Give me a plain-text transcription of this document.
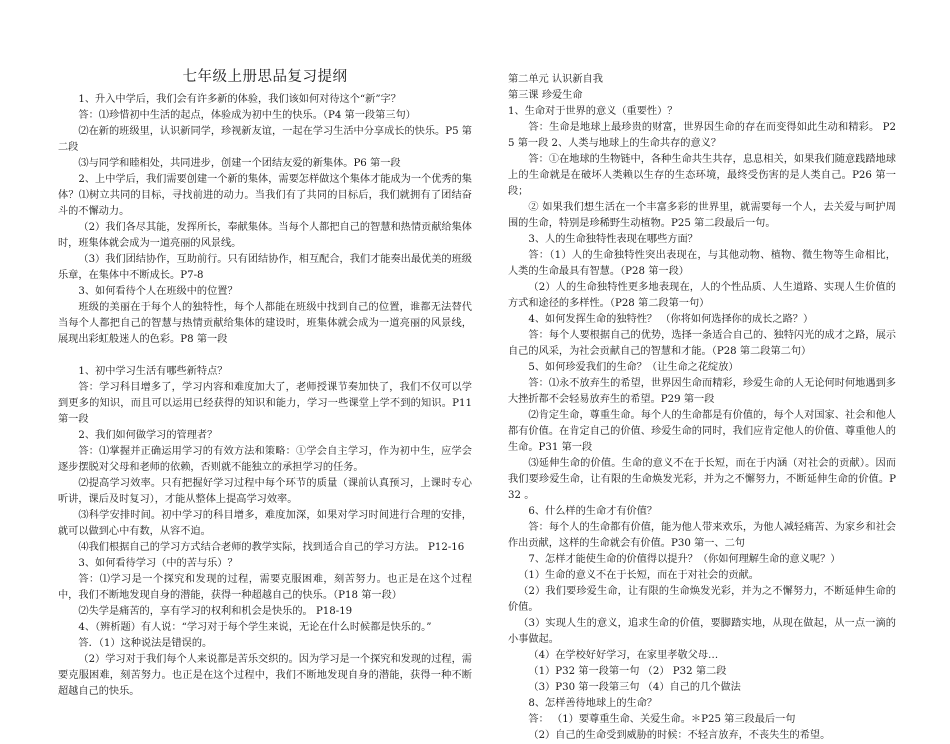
七年级上册思品复习提纲

1、升入中学后，我们会有许多新的体验，我们该如何对待这个“新”字？

答：⑴珍惜初中生活的起点，体验成为初中生的快乐。（P4 第一段第三句）

⑵在新的班级里，认识新同学，珍视新友谊，一起在学习生活中分享成长的快乐。P5 第二段

⑶与同学和睦相处，共同进步，创建一个团结友爱的新集体。P6 第一段

2、上中学后，我们需要创建一个新的集体，需要怎样做这个集体才能成为一个优秀的集体？⑴树立共同的目标，寻找前进的动力。当我们有了共同的目标后，我们就拥有了团结奋斗的不懈动力。

（2）我们各尽其能，发挥所长，奉献集体。当每个人都把自己的智慧和热情贡献给集体时，班集体就会成为一道亮丽的风景线。

（3）我们团结协作，互助前行。只有团结协作，相互配合，我们才能奏出最优美的班级乐章，在集体中不断成长。P7-8

3、如何看待个人在班级中的位置？

班级的美丽在于每个人的独特性，每个人都能在班级中找到自己的位置，谁都无法替代当每个人都把自己的智慧与热情贡献给集体的建设时，班集体就会成为一道亮丽的风景线，展现出彩虹般迷人的色彩。P8 第一段

1、初中学习生活有哪些新特点？

答：学习科目增多了，学习内容和难度加大了，老师授课节奏加快了，我们不仅可以学到更多的知识，而且可以运用已经获得的知识和能力，学习一些课堂上学不到的知识。P11 第一段

2、我们如何做学习的管理者？

答：⑴掌握并正确运用学习的有效方法和策略：①学会自主学习，作为初中生，应学会逐步摆脱对父母和老师的依赖，否则就不能独立的承担学习的任务。

⑵提高学习效率。只有把握好学习过程中每个环节的质量（课前认真预习，上课时专心听讲，课后及时复习），才能从整体上提高学习效率。

⑶科学安排时间。初中学习的科目增多，难度加深，如果对学习时间进行合理的安排，就可以做到心中有数，从容不迫。

⑷我们根据自己的学习方式结合老师的教学实际，找到适合自己的学习方法。 P12-16

3、如何看待学习（中的苦与乐）？

答：⑴学习是一个探究和发现的过程，需要克服困难，刻苦努力。也正是在这个过程中，我们不断地发现自身的潜能，获得一种超越自己的快乐。（P18 第一段）

⑵失学是痛苦的，享有学习的权利和机会是快乐的。 P18-19

4、（辨析题）有人说：“学习对于每个学生来说，无论在什么时候都是快乐的。”

答．（1）这种说法是错误的。

（2）学习对于我们每个人来说都是苦乐交织的。因为学习是一个探究和发现的过程，需要克服困难，刻苦努力。也正是在这个过程中，我们不断地发现自身的潜能，获得一种不断超越自己的快乐。

第二单元 认识新自我

第三课 珍爱生命

1、生命对于世界的意义（重要性）？

答：生命是地球上最珍贵的财富，世界因生命的存在而变得如此生动和精彩。 P25 第一段 2、人类与地球上的生命共存的意义？

答：①在地球的生物链中，各种生命共生共存，息息相关，如果我们随意践踏地球上的生命就是在破坏人类赖以生存的生态环境，最终受伤害的是人类自己。P26 第一段；

② 如果我们想生活在一个丰富多彩的世界里，就需要每一个人，去关爱与呵护周围的生命，特别是珍稀野生动植物。P25 第二段最后一句。

3、人的生命独特性表现在哪些方面？

答：（1）人的生命独特性突出表现在，与其他动物、植物、微生物等生命相比，人类的生命最具有智慧。（P28 第一段）

（2）人的生命独特性更多地表现在，人的个性品质、人生道路、实现人生价值的方式和途径的多样性。（P28 第二段第一句）

4、如何发挥生命的独特性？ （你将如何选择你的成长之路？）

答：每个人要根据自己的优势，选择一条适合自己的、独特闪光的成才之路，展示自己的风采，为社会贡献自己的智慧和才能。（P28 第二段第二句）

5、如何珍爱我们的生命？（让生命之花绽放）

答：⑴永不放弃生的希望，世界因生命而精彩，珍爱生命的人无论何时何地遇到多大挫折都不会轻易放弃生的希望。P29 第一段

⑵肯定生命，尊重生命。每个人的生命都是有价值的，每个人对国家、社会和他人都有价值。在肯定自己的价值、珍爱生命的同时，我们应肯定他人的价值、尊重他人的生命。P31 第一段

⑶延伸生命的价值。生命的意义不在于长短，而在于内涵（对社会的贡献）。因而我们要珍爱生命，让有限的生命焕发光彩，并为之不懈努力，不断延伸生命的价值。P32 。

6、什么样的生命才有价值？

答：每个人的生命都有价值，能为他人带来欢乐，为他人减轻痛苦、为家乡和社会作出贡献，这样的生命就会有价值。P30 第一、二句

7、怎样才能使生命的价值得以提升？（你如何理解生命的意义呢？）

（1）生命的意义不在于长短，而在于对社会的贡献。

（2）我们要珍爱生命，让有限的生命焕发光彩，并为之不懈努力，不断延伸生命的价值。

（3）实现人生的意义，追求生命的价值，要脚踏实地，从现在做起，从一点一滴的小事做起。

（4）在学校好好学习，在家里孝敬父母…

（1）P32 第一段第一句 （2） P32 第二段

（3）P30 第一段第三句 （4）自己的几个做法

8、怎样善待地球上的生命？

答： （1）要尊重生命、关爱生命。＊P25 第三段最后一句

（2）自己的生命受到威胁的时候：不轻言放弃，不丧失生的希望。
